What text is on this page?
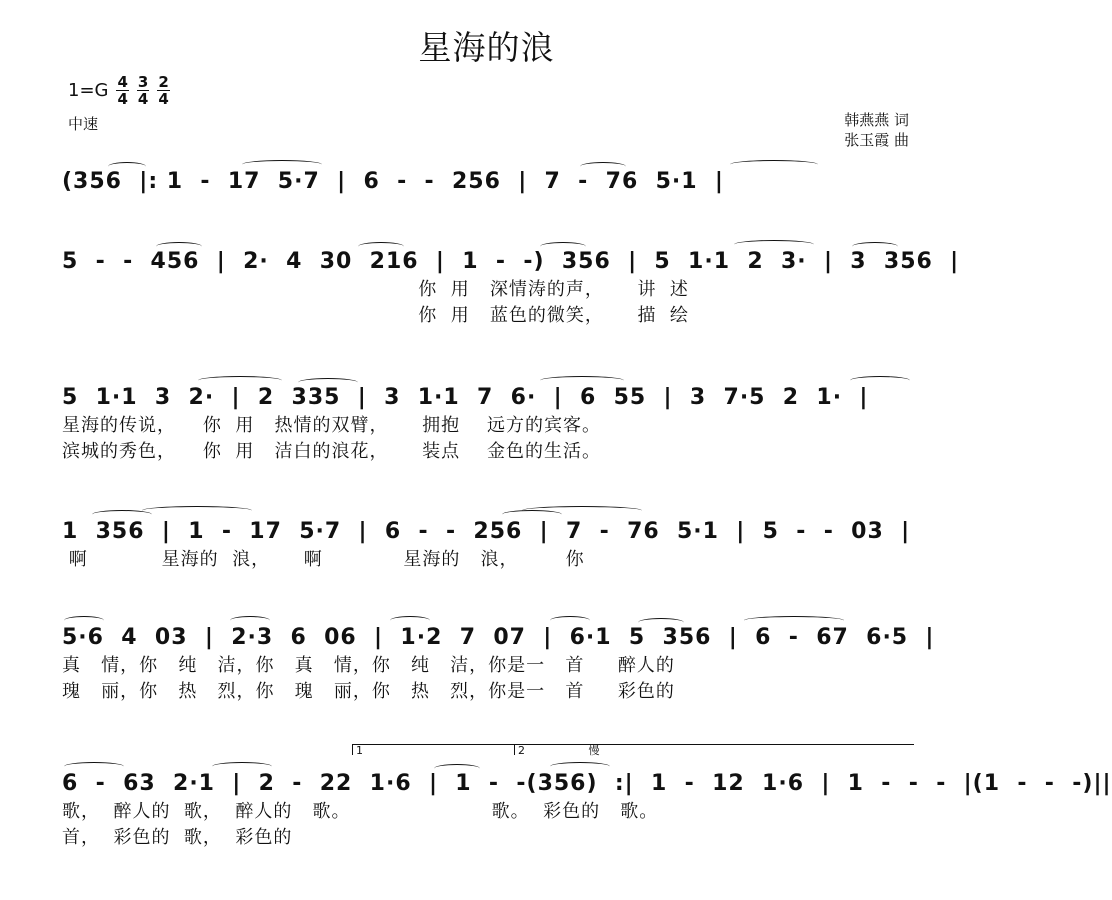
星海的浪
1=G 4
4
3
4
2
4
中速	韩燕燕 词
张玉霞 曲
(356  |: 1  -  17  5·7  |  6  -  -  256  |  7  -  76  5·1  |
5  -  -  456  |  2·  4  30  216  |  1  -  -)  356  |  5  1·1  2  3·  |  3  356  |
你  用   深情涛的声，     讲  述
你  用   蓝色的微笑，     描  绘
5  1·1  3  2·  |  2  335  |  3  1·1  7  6·  |  6  55  |  3  7·5  2  1·  |
星海的传说，    你  用   热情的双臂，     拥抱    远方的宾客。
滨城的秀色，    你  用   洁白的浪花，     装点    金色的生活。
1  356  |  1  -  17  5·7  |  6  -  -  256  |  7  -  76  5·1  |  5  -  -  03  |
啊           星海的  浪，     啊            星海的   浪，       你
5·6  4  03  |  2·3  6  06  |  1·2  7  07  |  6·1  5  356  |  6  -  67  6·5  |
真   情，你   纯   洁，你   真   情，你   纯   洁，你是一   首     醉人的
瑰   丽，你   热   烈，你   瑰   丽，你   热   烈，你是一   首     彩色的
1	2	慢
6  -  63  2·1  |  2  -  22  1·6  |  1  -  -(356)  :|  1  -  12  1·6  |  1  -  -  -  |(1  -  -  -)||
歌，  醉人的  歌，  醉人的   歌。                     歌。  彩色的   歌。
首，  彩色的  歌，  彩色的
